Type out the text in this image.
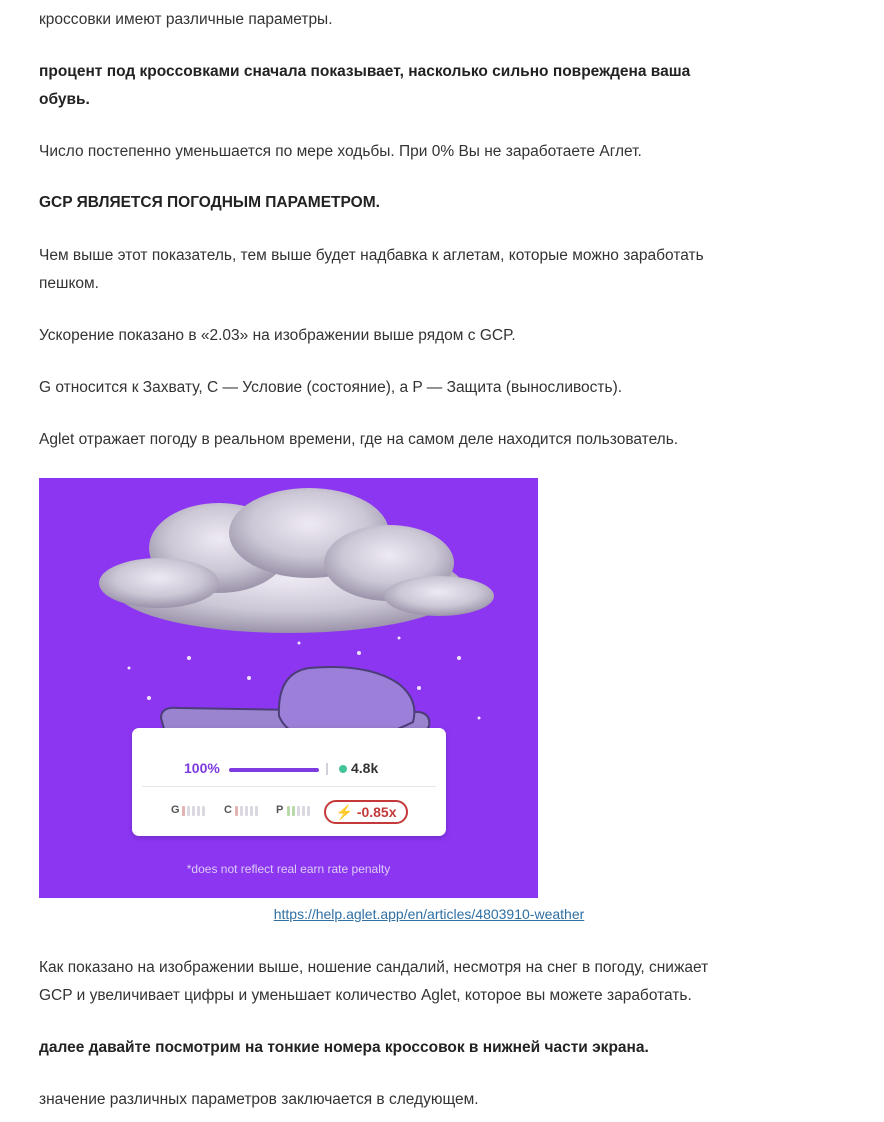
кроссовки имеют различные параметры.

процент под кроссовками сначала показывает, насколько сильно повреждена ваша

обувь.

Число постепенно уменьшается по мере ходьбы. При 0% Вы не заработаете Аглет.

GCP ЯВЛЯЕТСЯ ПОГОДНЫМ ПАРАМЕТРОМ.

Чем выше этот показатель, тем выше будет надбавка к аглетам, которые можно заработать

пешком.

Ускорение показано в «2.03» на изображении выше рядом с GCP.

G относится к Захвату, C — Условие (состояние), а P — Защита (выносливость).

Aglet отражает погоду в реальном времени, где на самом деле находится пользователь.

https://help.aglet.app/en/articles/4803910-weather

Как показано на изображении выше, ношение сандалий, несмотря на снег в погоду, снижает

GCP и увеличивает цифры и уменьшает количество Aglet, которое вы можете заработать.

далее давайте посмотрим на тонкие номера кроссовок в нижней части экрана.

значение различных параметров заключается в следующем.

100%	4.8k
G	C	P	⚡ -0.85x
*does not reflect real earn rate penalty
